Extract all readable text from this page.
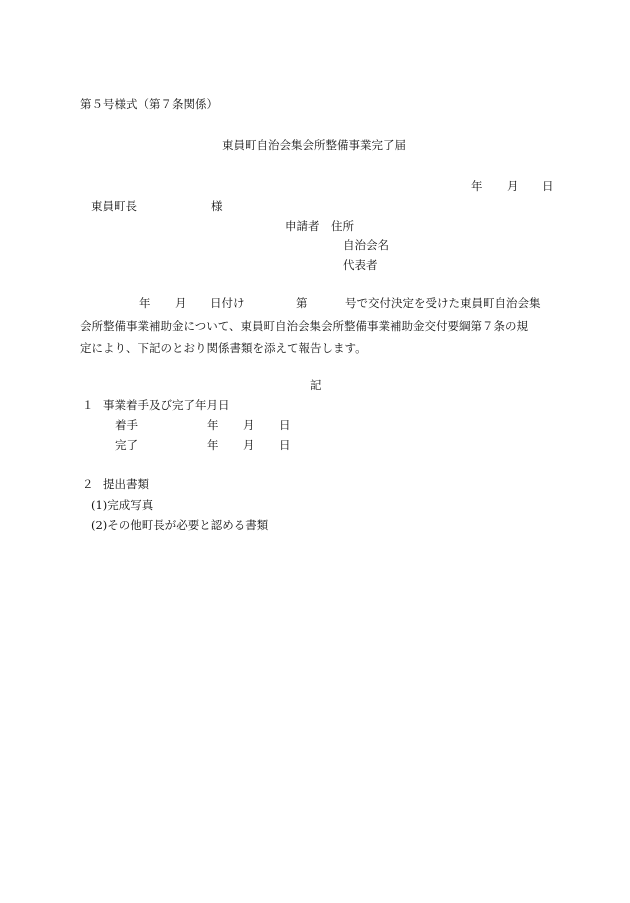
第５号様式（第７条関係）
東員町自治会集会所整備事業完了届
年 月 日
東員町長	様
申請者 住所
自治会名
代表者
年 月 日付け	第	号で交付決定を受けた東員町自治会集
会所整備事業補助金について、東員町自治会集会所整備事業補助金交付要綱第７条の規
定により、下記のとおり関係書類を添えて報告します。
記
１ 事業着手及び完了年月日
着手	年 月 日
完了	年 月 日
２ 提出書類
(1)完成写真
(2)その他町長が必要と認める書類
